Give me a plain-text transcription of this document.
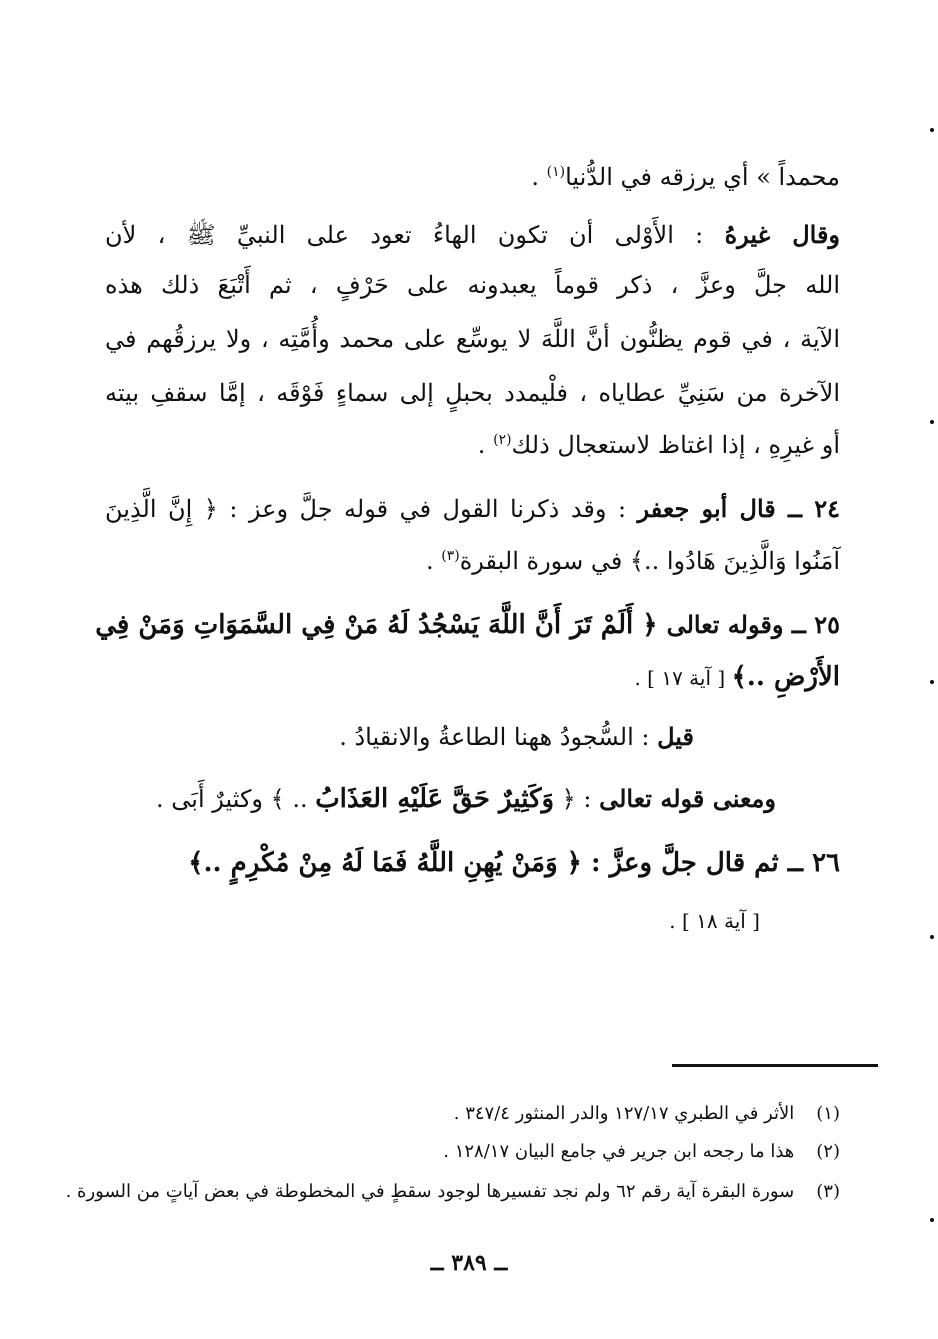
محمداً » أي يرزقه في الدُّنيا$^{(١)}$ .
وقال غيرهُ : الأَوْلى أن تكون الهاءُ تعود على النبيِّ ﷺ ، لأن
الله جلَّ وعزَّ ، ذكر قوماً يعبدونه على حَرْفٍ ، ثم أَتْبَعَ ذلك هذه
الآية ، في قوم يظنُّون أنَّ اللَّهَ لا يوسِّع على محمد وأُمَّتِه ، ولا يرزقُهم في
الآخرة من سَنِيِّ عطاياه ، فلْيمدد بحبلٍ إلى سماءٍ فَوْقَه ، إمَّا سقفِ بيته
أو غيرِهِ ، إذا اغتاظ لاستعجال ذلك$^{(٢)}$ .
٢٤ ــ قال أبو جعفر : وقد ذكرنا القول في قوله جلَّ وعز : ﴿ إِنَّ الَّذِينَ
آمَنُوا وَالَّذِينَ هَادُوا ..﴾ في سورة البقرة$^{(٣)}$ .
٢٥ ــ وقوله تعالى ﴿ أَلَمْ تَرَ أَنَّ اللَّهَ يَسْجُدُ لَهُ مَنْ فِي السَّمَوَاتِ وَمَنْ فِي
الأَرْضِ ..﴾ [ آية ١٧ ] .
قيل : السُّجودُ ههنا الطاعةُ والانقيادُ .
ومعنى قوله تعالى : ﴿ وَكَثِيرٌ حَقَّ عَلَيْهِ العَذَابُ .. ﴾ وكثيرٌ أَبَى .
٢٦ ــ ثم قال جلَّ وعزَّ : ﴿ وَمَنْ يُهِنِ اللَّهُ فَمَا لَهُ مِنْ مُكْرِمٍ ..﴾
[ آية ١٨ ] .
(١) الأثر في الطبري ١٢٧/١٧ والدر المنثور ٣٤٧/٤ .
(٢) هذا ما رجحه ابن جرير في جامع البيان ١٢٨/١٧ .
(٣) سورة البقرة آية رقم ٦٢ ولم نجد تفسيرها لوجود سقطٍ في المخطوطة في بعض آياتٍ من السورة .
ــ ٣٨٩ ــ
